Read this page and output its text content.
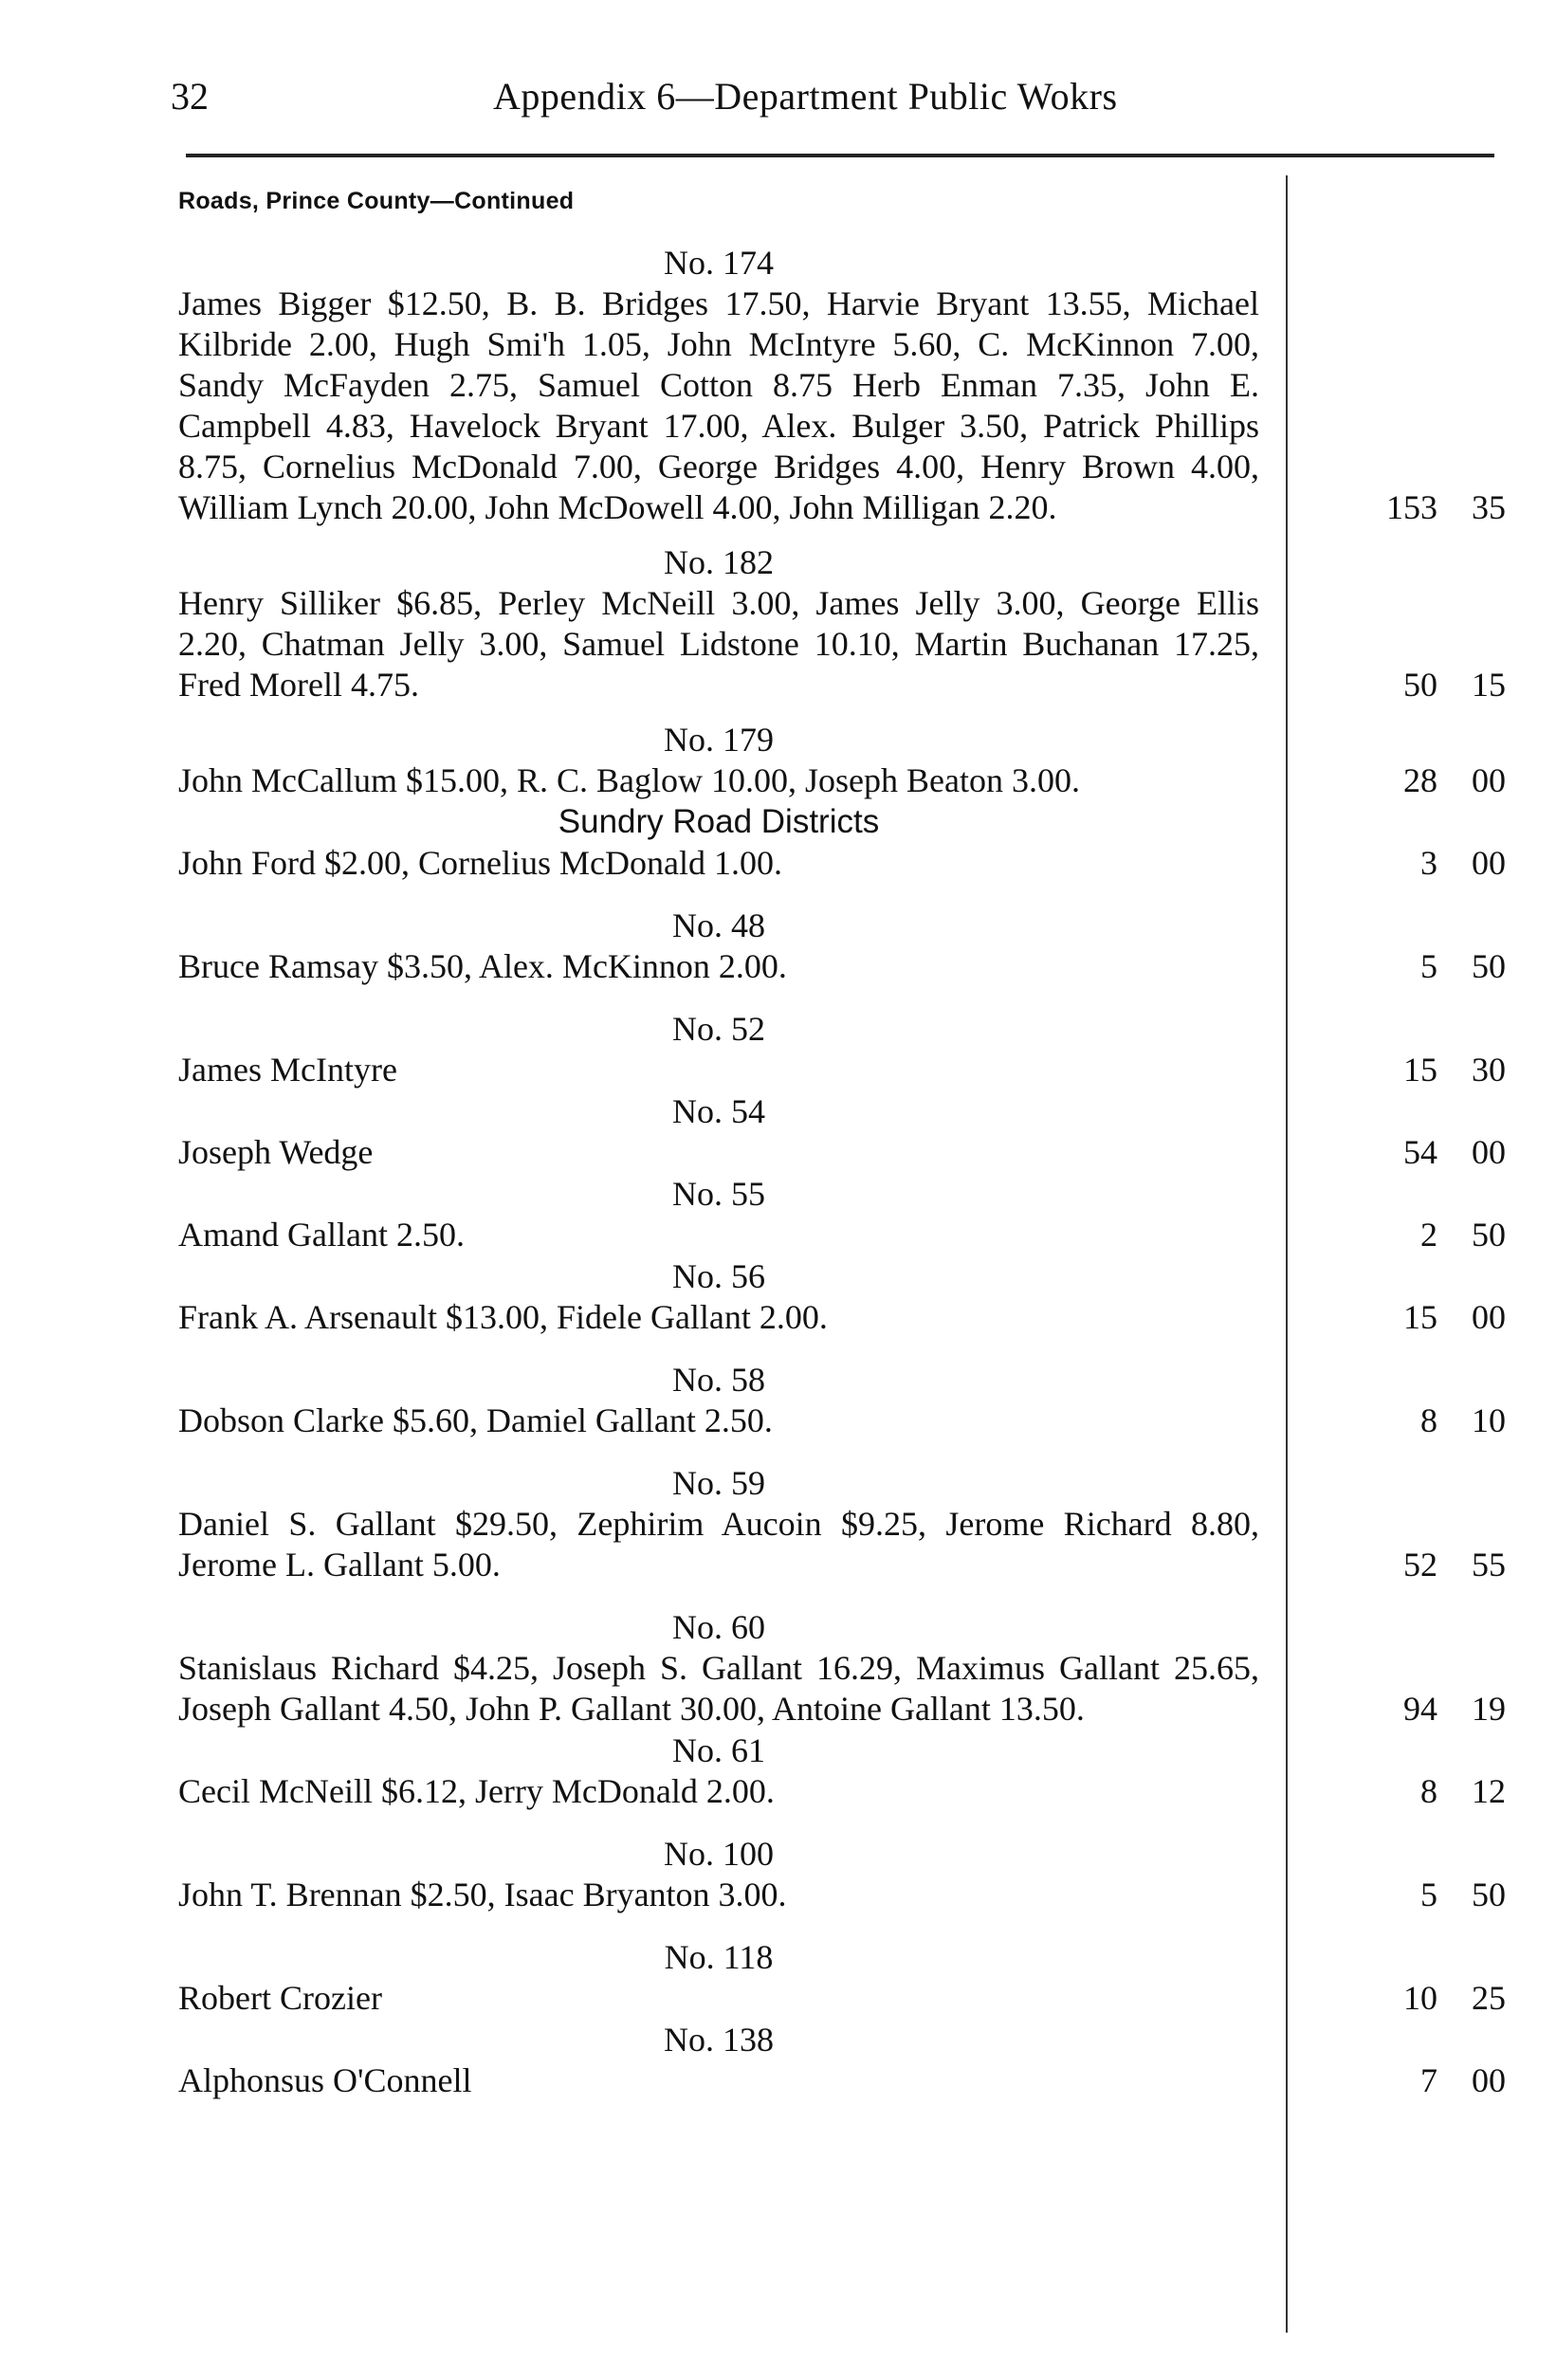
32	Appendix 6—Department Public Wokrs
Roads, Prince County—Continued
No. 174
James Bigger $12.50, B. B. Bridges 17.50, Harvie Bryant 13.55, Michael Kilbride 2.00, Hugh Smi'h 1.05, John McIntyre 5.60, C. McKinnon 7.00, Sandy McFayden 2.75, Samuel Cotton 8.75 Herb Enman 7.35, John E. Campbell 4.83, Havelock Bryant 17.00, Alex. Bulger 3.50, Patrick Phillips 8.75, Cornelius McDonald 7.00, George Bridges 4.00, Henry Brown 4.00, William Lynch 20.00, John McDowell 4.00, John Milligan 2.20.	153 35
No. 182
Henry Silliker $6.85, Perley McNeill 3.00, James Jelly 3.00, George Ellis 2.20, Chatman Jelly 3.00, Samuel Lidstone 10.10, Martin Buchanan 17.25, Fred Morell 4.75.	50 15
No. 179
John McCallum $15.00, R. C. Baglow 10.00, Joseph Beaton 3.00.	28 00
Sundry Road Districts
John Ford $2.00, Cornelius McDonald 1.00.	3 00
No. 48
Bruce Ramsay $3.50, Alex. McKinnon 2.00.	5 50
No. 52
James McIntyre	15 30
No. 54
Joseph Wedge	54 00
No. 55
Amand Gallant 2.50.	2 50
No. 56
Frank A. Arsenault $13.00, Fidele Gallant 2.00.	15 00
No. 58
Dobson Clarke $5.60, Damiel Gallant 2.50.	8 10
No. 59
Daniel S. Gallant $29.50, Zephirim Aucoin $9.25, Jerome Richard 8.80, Jerome L. Gallant 5.00.	52 55
No. 60
Stanislaus Richard $4.25, Joseph S. Gallant 16.29, Maximus Gallant 25.65, Joseph Gallant 4.50, John P. Gallant 30.00, Antoine Gallant 13.50.	94 19
No. 61
Cecil McNeill $6.12, Jerry McDonald 2.00.	8 12
No. 100
John T. Brennan $2.50, Isaac Bryanton 3.00.	5 50
No. 118
Robert Crozier	10 25
No. 138
Alphonsus O'Connell	7 00
